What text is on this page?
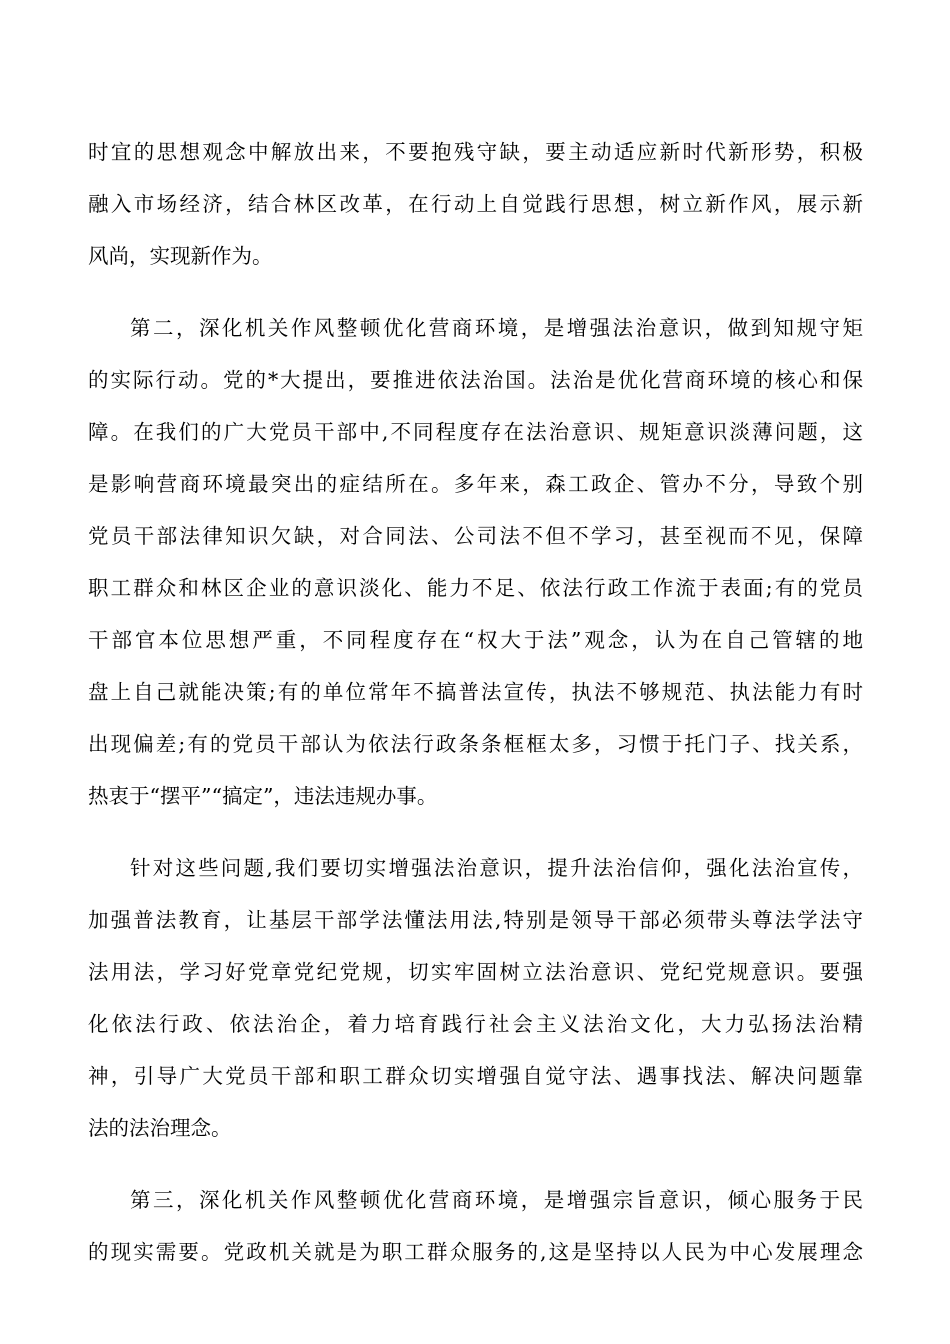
时宜的思想观念中解放出来，不要抱残守缺，要主动适应新时代新形势，积极
融入市场经济，结合林区改革，在行动上自觉践行思想，树立新作风，展示新
风尚，实现新作为。
第二，深化机关作风整顿优化营商环境，是增强法治意识，做到知规守矩
的实际行动。党的*大提出，要推进依法治国。法治是优化营商环境的核心和保
障。在我们的广大党员干部中,不同程度存在法治意识、规矩意识淡薄问题，这
是影响营商环境最突出的症结所在。多年来，森工政企、管办不分，导致个别
党员干部法律知识欠缺，对合同法、公司法不但不学习，甚至视而不见，保障
职工群众和林区企业的意识淡化、能力不足、依法行政工作流于表面;有的党员
干部官本位思想严重，不同程度存在“权大于法”观念，认为在自己管辖的地
盘上自己就能决策;有的单位常年不搞普法宣传，执法不够规范、执法能力有时
出现偏差;有的党员干部认为依法行政条条框框太多，习惯于托门子、找关系，
热衷于“摆平”“搞定”，违法违规办事。
针对这些问题,我们要切实增强法治意识，提升法治信仰，强化法治宣传，
加强普法教育，让基层干部学法懂法用法,特别是领导干部必须带头尊法学法守
法用法，学习好党章党纪党规，切实牢固树立法治意识、党纪党规意识。要强
化依法行政、依法治企，着力培育践行社会主义法治文化，大力弘扬法治精
神，引导广大党员干部和职工群众切实增强自觉守法、遇事找法、解决问题靠
法的法治理念。
第三，深化机关作风整顿优化营商环境，是增强宗旨意识，倾心服务于民
的现实需要。党政机关就是为职工群众服务的,这是坚持以人民为中心发展理念
